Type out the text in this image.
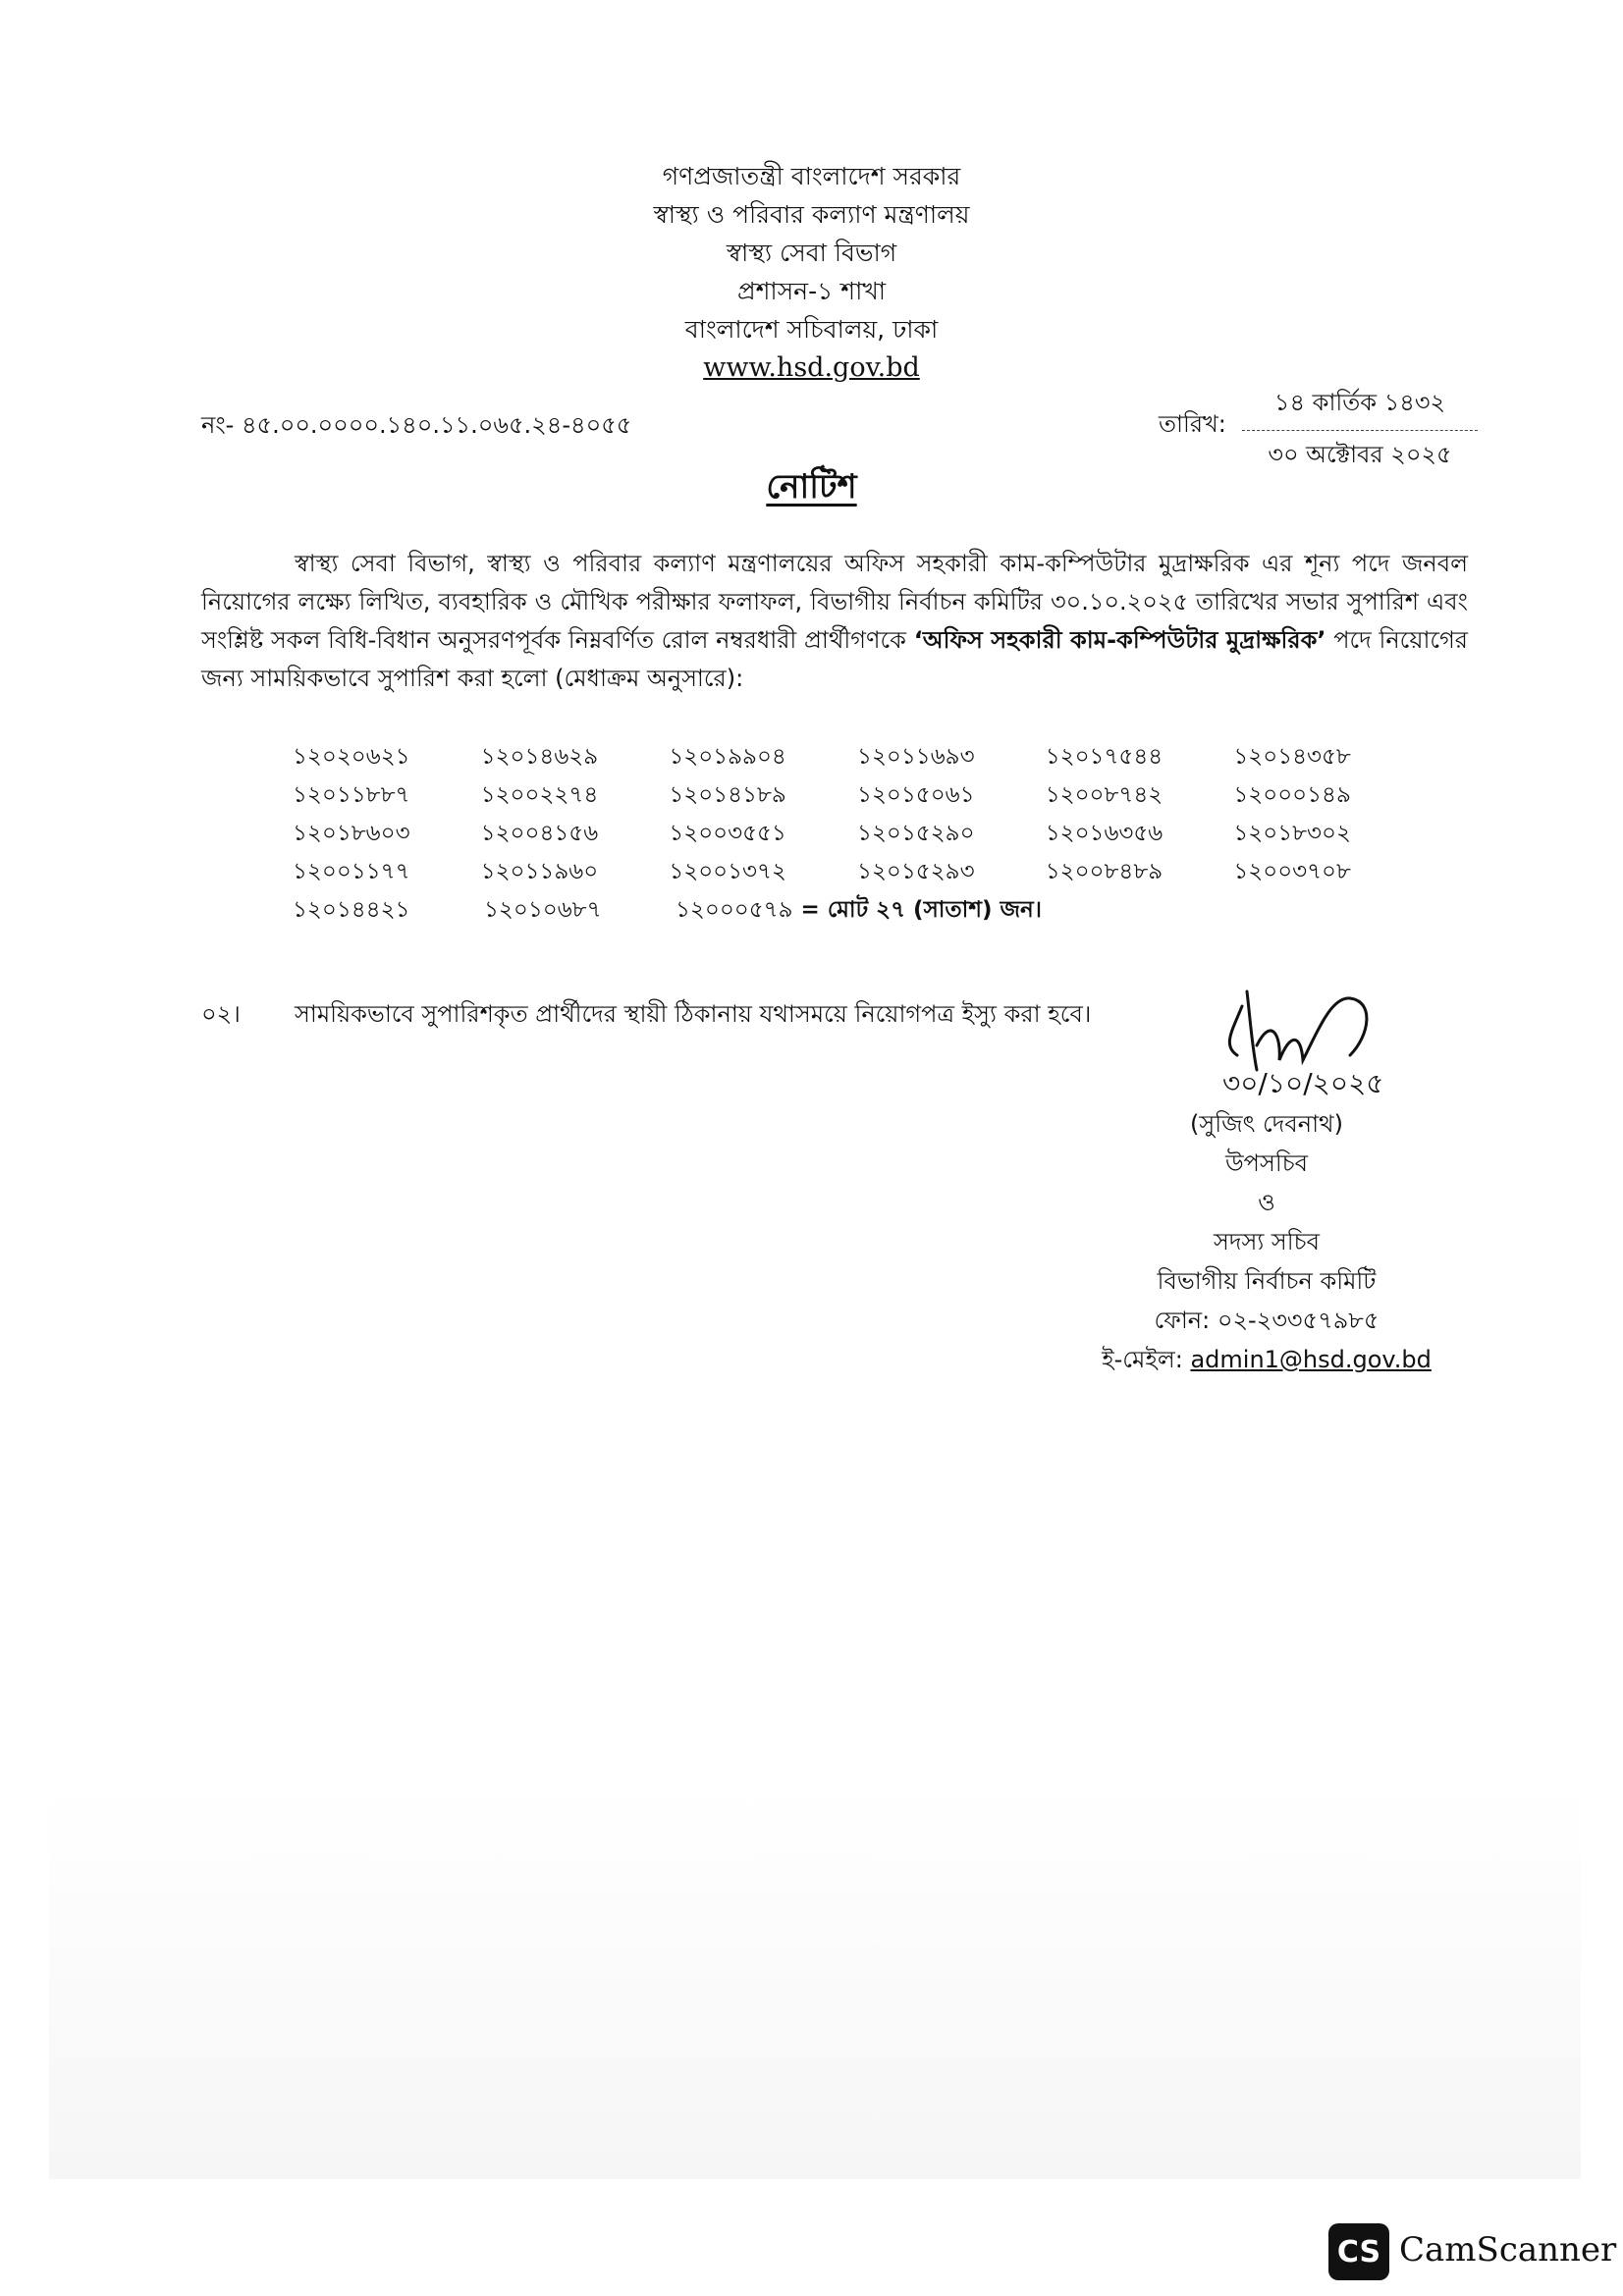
গণপ্রজাতন্ত্রী বাংলাদেশ সরকার
স্বাস্থ্য ও পরিবার কল্যাণ মন্ত্রণালয়
স্বাস্থ্য সেবা বিভাগ
প্রশাসন-১ শাখা
বাংলাদেশ সচিবালয়, ঢাকা
www.hsd.gov.bd
নং- ৪৫.০০.০০০০.১৪০.১১.০৬৫.২৪-৪০৫৫	তারিখ:
১৪ কার্তিক ১৪৩২
৩০ অক্টোবর ২০২৫
নোটিশ
স্বাস্থ্য সেবা বিভাগ, স্বাস্থ্য ও পরিবার কল্যাণ মন্ত্রণালয়ের অফিস সহকারী কাম-কম্পিউটার মুদ্রাক্ষরিক এর শূন্য পদে জনবল নিয়োগের লক্ষ্যে লিখিত, ব্যবহারিক ও মৌখিক পরীক্ষার ফলাফল, বিভাগীয় নির্বাচন কমিটির ৩০.১০.২০২৫ তারিখের সভার সুপারিশ এবং সংশ্লিষ্ট সকল বিধি-বিধান অনুসরণপূর্বক নিম্নবর্ণিত রোল নম্বরধারী প্রার্থীগণকে ‘অফিস সহকারী কাম-কম্পিউটার মুদ্রাক্ষরিক’ পদে নিয়োগের জন্য সাময়িকভাবে সুপারিশ করা হলো (মেধাক্রম অনুসারে):
১২০২০৬২১	১২০১৪৬২৯	১২০১৯৯০৪	১২০১১৬৯৩	১২০১৭৫৪৪	১২০১৪৩৫৮
১২০১১৮৮৭	১২০০২২৭৪	১২০১৪১৮৯	১২০১৫০৬১	১২০০৮৭৪২	১২০০০১৪৯
১২০১৮৬০৩	১২০০৪১৫৬	১২০০৩৫৫১	১২০১৫২৯০	১২০১৬৩৫৬	১২০১৮৩০২
১২০০১১৭৭	১২০১১৯৬০	১২০০১৩৭২	১২০১৫২৯৩	১২০০৮৪৮৯	১২০০৩৭০৮
১২০১৪৪২১	১২০১০৬৮৭	১২০০০৫৭৯ = মোট ২৭ (সাতাশ) জন।
০২। সাময়িকভাবে সুপারিশকৃত প্রার্থীদের স্থায়ী ঠিকানায় যথাসময়ে নিয়োগপত্র ইস্যু করা হবে।
৩০/১০/২০২৫
(সুজিৎ দেবনাথ)
উপসচিব
ও
সদস্য সচিব
বিভাগীয় নির্বাচন কমিটি
ফোন: ০২-২৩৩৫৭৯৮৫
ই-মেইল: admin1@hsd.gov.bd
CS CamScanner
